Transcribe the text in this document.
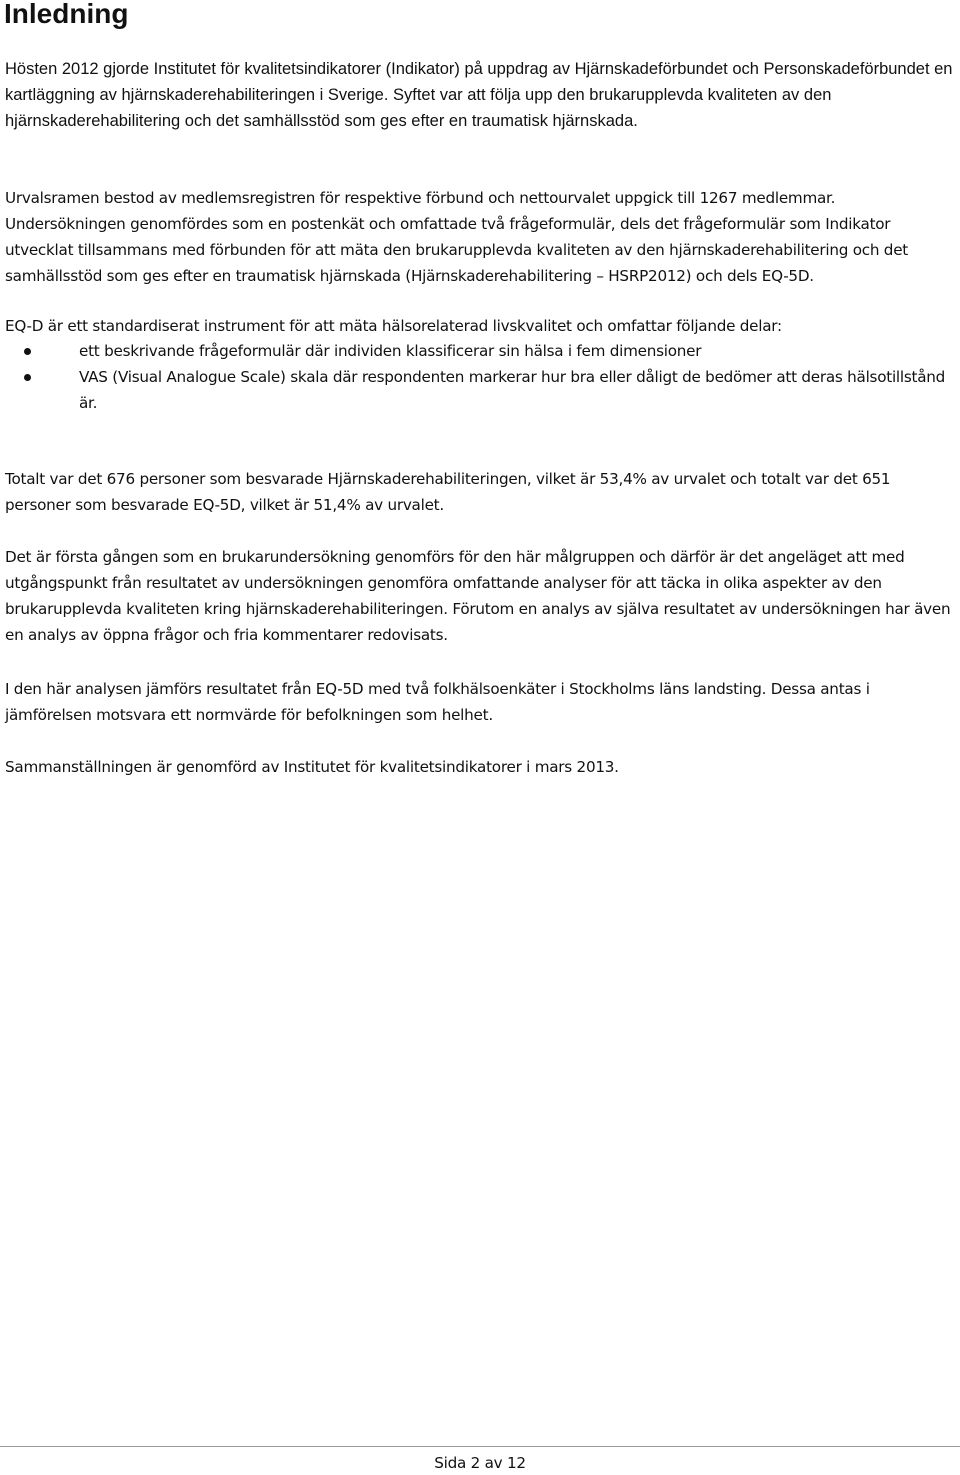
Inledning

Hösten 2012 gjorde Institutet för kvalitetsindikatorer (Indikator) på uppdrag av Hjärnskadeförbundet och Personskadeförbundet en kartläggning av hjärnskaderehabiliteringen i Sverige. Syftet var att följa upp den brukarupplevda kvaliteten av den hjärnskaderehabilitering och det samhällsstöd som ges efter en traumatisk hjärnskada.

Urvalsramen bestod av medlemsregistren för respektive förbund och nettourvalet uppgick till 1267 medlemmar. Undersökningen genomfördes som en postenkät och omfattade två frågeformulär, dels det frågeformulär som Indikator utvecklat tillsammans med förbunden för att mäta den brukarupplevda kvaliteten av den hjärnskaderehabilitering och det samhällsstöd som ges efter en traumatisk hjärnskada (Hjärnskaderehabilitering – HSRP2012) och dels EQ-5D.

EQ-D är ett standardiserat instrument för att mäta hälsorelaterad livskvalitet och omfattar följande delar:

ett beskrivande frågeformulär där individen klassificerar sin hälsa i fem dimensioner
VAS (Visual Analogue Scale) skala där respondenten markerar hur bra eller dåligt de bedömer att deras hälsotillstånd är.

Totalt var det 676 personer som besvarade Hjärnskaderehabiliteringen, vilket är 53,4% av urvalet och totalt var det 651 personer som besvarade EQ-5D, vilket är 51,4% av urvalet.

Det är första gången som en brukarundersökning genomförs för den här målgruppen och därför är det angeläget att med utgångspunkt från resultatet av undersökningen genomföra omfattande analyser för att täcka in olika aspekter av den brukarupplevda kvaliteten kring hjärnskaderehabiliteringen. Förutom en analys av själva resultatet av undersökningen har även en analys av öppna frågor och fria kommentarer redovisats.

I den här analysen jämförs resultatet från EQ-5D med två folkhälsoenkäter i Stockholms läns landsting. Dessa antas i jämförelsen motsvara ett normvärde för befolkningen som helhet.

Sammanställningen är genomförd av Institutet för kvalitetsindikatorer i mars 2013.

Sida 2 av 12
